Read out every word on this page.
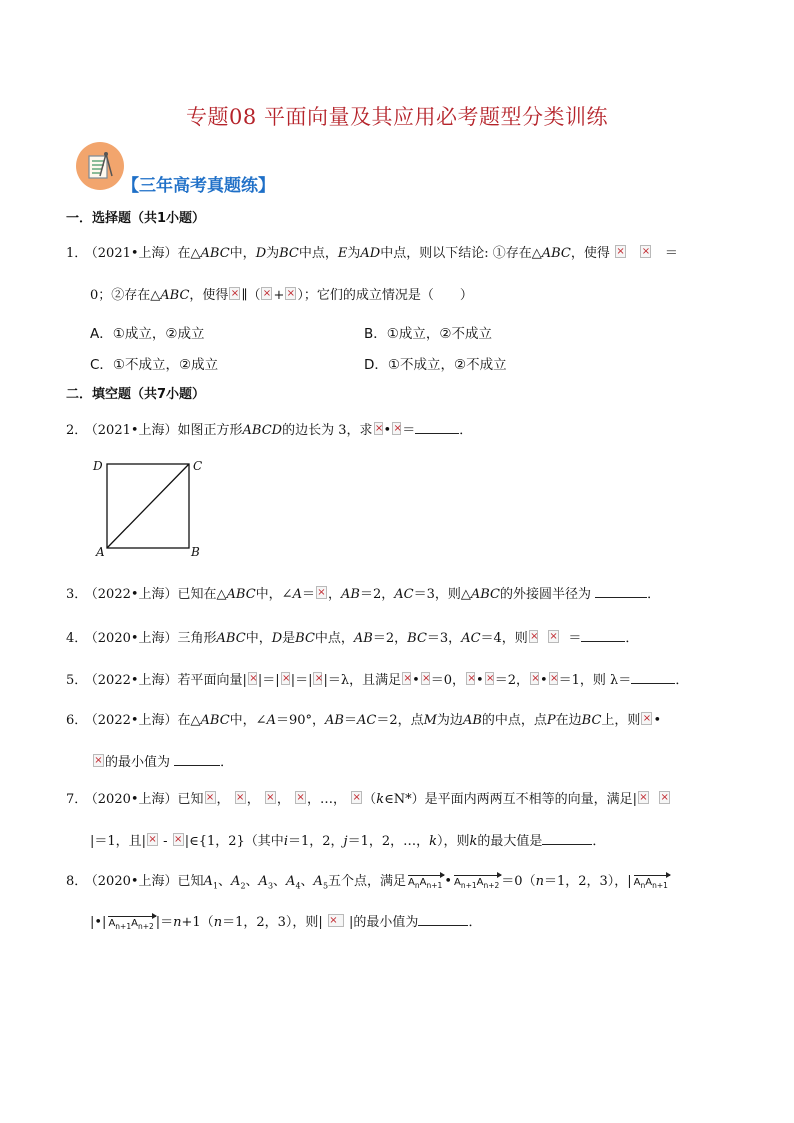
专题08 平面向量及其应用必考题型分类训练
【三年高考真题练】
一．选择题（共1小题）
1． （2021•上海）在△ABC中，D为BC中点，E为AD中点，则以下结论: ①存在△ABC，使得 × ×	＝
0；②存在△ABC，使得 × ∥（ × + × ）；它们的成立情况是（　　）
A．①成立，②成立	B．①成立，②不成立
C．①不成立，②成立	D．①不成立，②不成立
二．填空题（共7小题）
2． （2021•上海）如图正方形ABCD的边长为 3，求 × • × ＝	．
D	C
A	B
3． （2022•上海）已知在△ABC中，∠A＝ × ，AB＝2，AC＝3，则△ABC的外接圆半径为	．
4． （2020•上海）三角形ABC中，D是BC中点，AB＝2，BC＝3，AC＝4，则 × ×	＝	．
5． （2022•上海）若平面向量| × |＝| × |＝| × |＝λ，且满足 × • × ＝0， × • × ＝2， × • × ＝1，则 λ＝	．
6． （2022•上海）在△ABC中，∠A＝90°，AB＝AC＝2，点M为边AB的中点，点P在边BC上，则 × •
×的最小值为	．
7． （2020•上海）已知 × ， × ， × ， × ，…， × （k∈N*）是平面内两两互不相等的向量，满足|×  ×
|＝1，且| × - × |∈{1，2}（其中i＝1，2，j＝1，2，…，k），则k的最大值是	．
8． （2020•上海）已知$A_1$、$A_2$、$A_3$、$A_4$、$A_5$五个点，满足 $A_nA_{n+1}$ • $A_{n+1}A_{n+2} =0(n=1$，2，3），| $A_nA_{n+1}$
|•| $A_{n+1}A_{n+2}$ |＝n+1（n＝1，2，3），则| × |的最小值为	．
